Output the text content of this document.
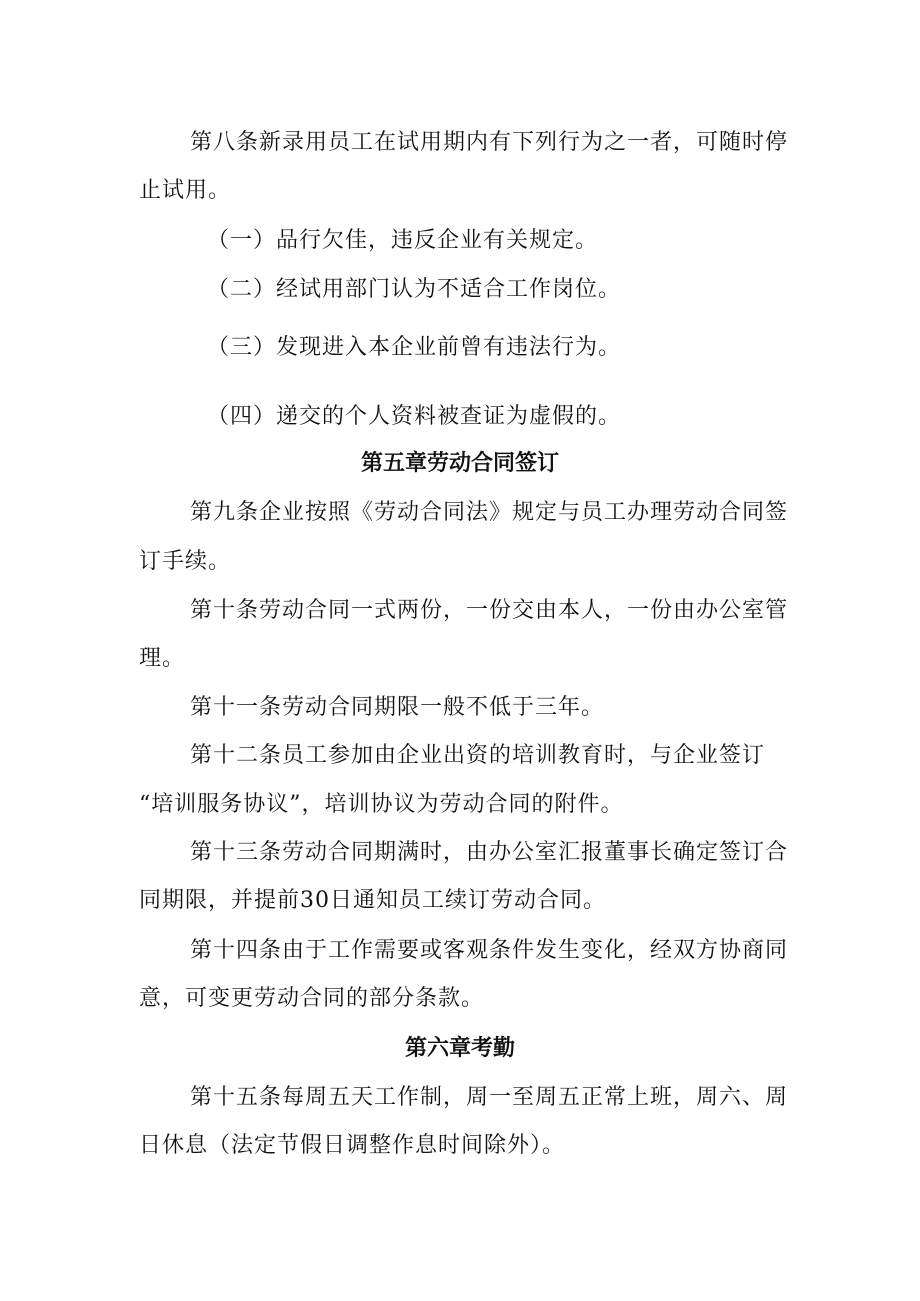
第八条新录用员工在试用期内有下列行为之一者，可随时停

止试用。

（一）品行欠佳，违反企业有关规定。

（二）经试用部门认为不适合工作岗位。

（三）发现进入本企业前曾有违法行为。

（四）递交的个人资料被查证为虚假的。

第五章劳动合同签订

第九条企业按照《劳动合同法》规定与员工办理劳动合同签

订手续。

第十条劳动合同一式两份，一份交由本人，一份由办公室管

理。

第十一条劳动合同期限一般不低于三年。

第十二条员工参加由企业出资的培训教育时，与企业签订

“培训服务协议”，培训协议为劳动合同的附件。

第十三条劳动合同期满时，由办公室汇报董事长确定签订合

同期限，并提前30日通知员工续订劳动合同。

第十四条由于工作需要或客观条件发生变化，经双方协商同

意，可变更劳动合同的部分条款。

第六章考勤

第十五条每周五天工作制，周一至周五正常上班，周六、周

日休息（法定节假日调整作息时间除外）。
